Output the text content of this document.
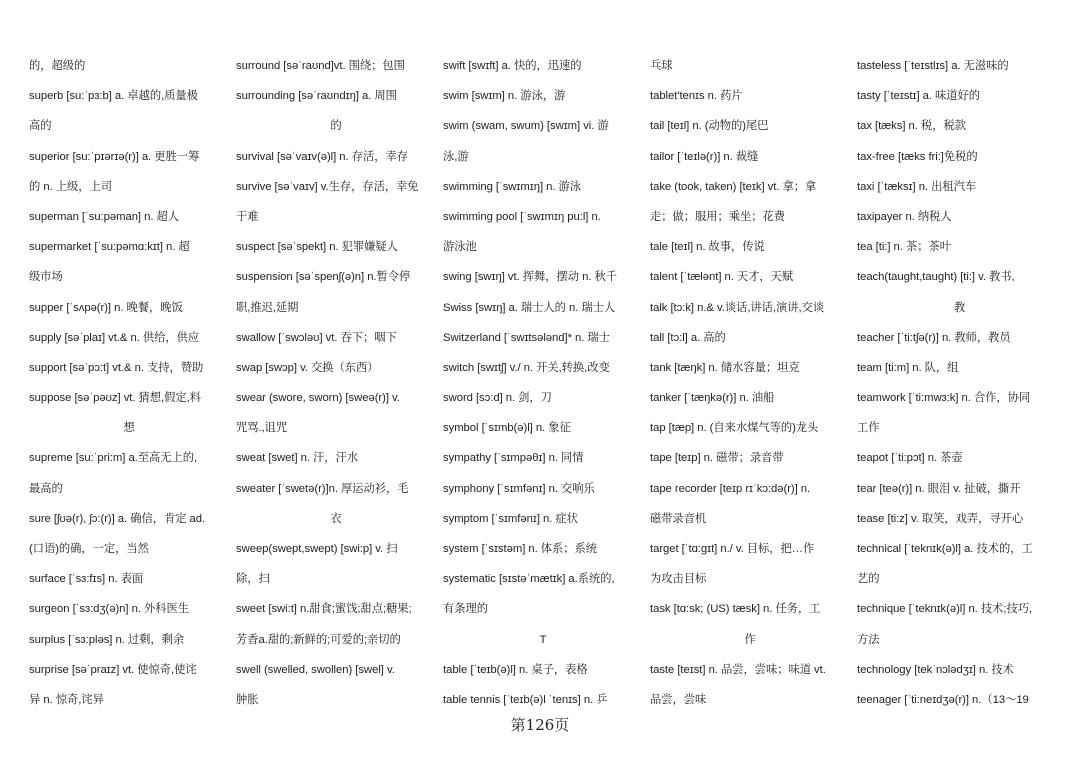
的，超级的
superb [su:ˈpɜ:b] a. 卓越的,质量极
高的
superior [su:ˈpɪərɪə(r)] a. 更胜一筹
的 n. 上级，上司
superman [ˈsu:pəman] n. 超人
supermarket [ˈsu:pəmɑ:kɪt] n. 超
级市场
supper [ˈsʌpə(r)] n. 晚餐，晚饭
supply [səˈplaɪ] vt.& n. 供给，供应
support [səˈpɔ:t] vt.& n. 支持，赞助
suppose [səˈpəʊz] vt. 猜想,假定,料
想
supreme [su:ˈpri:m] a.至高无上的,
最高的
sure [ʃʊə(r), ʃɔ:(r)] a. 确信，肯定 ad.
(口语)的确，一定，当然
surface [ˈsɜ:fɪs] n. 表面
surgeon [ˈsɜ:dʒ(ə)n] n. 外科医生
surplus [ˈsɜ:pləs] n. 过剩，剩余
surprise [səˈpraɪz] vt. 使惊奇,使诧
异 n. 惊奇,诧异
surround [səˈraʊnd]vt. 围绕；包围
surrounding [səˈraʊndɪŋ] a. 周围
的
survival [səˈvaɪv(ə)l] n. 存活，幸存
survive [səˈvaɪv] v.生存，存活，幸免
于难
suspect [səˈspekt] n. 犯罪嫌疑人
suspension [səˈspenʃ(ə)n] n.暂令停
职,推迟,延期
swallow [ˈswɔləʊ] vt. 吞下；咽下
swap [swɔp] v. 交换（东西）
swear (swore, sworn) [sweə(r)] v.
咒骂.,诅咒
sweat [swet] n. 汗，汗水
sweater [ˈswetə(r)]n. 厚运动衫，毛
衣
sweep(swept,swept) [swi:p] v. 扫
除，扫
sweet [swi:t] n.甜食;蜜饯;甜点;糖果;
芳香a.甜的;新鲜的;可爱的;亲切的
swell (swelled, swollen) [swel] v.
肿胀
swift [swɪft] a. 快的，迅速的
swim [swɪm] n. 游泳，游
swim (swam, swum) [swɪm] vi. 游
泳,游
swimming [ˈswɪmɪŋ] n. 游泳
swimming pool [ˈswɪmɪŋ pu:l] n.
游泳池
swing [swɪŋ] vt. 挥舞，摆动 n. 秋千
Swiss [swɪŋ] a. 瑞士人的 n. 瑞士人
Switzerland [ˈswɪtsələnd]* n. 瑞士
switch [swɪtʃ] v./ n. 开关,转换,改变
sword [sɔ:d] n. 剑，刀
symbol [ˈsɪmb(ə)l] n. 象征
sympathy [ˈsɪmpəθɪ] n. 同情
symphony [ˈsɪmfənɪ] n. 交响乐
symptom [ˈsɪmfənɪ] n. 症状
system [ˈsɪstəm] n. 体系；系统
systematic [sɪstəˈmætɪk] a.系统的,
有条理的
T
table [ˈteɪb(ə)l] n. 桌子，表格
table tennis [ˈteɪb(ə)l ˈtenɪs] n. 乒
乓球
tablet'tenɪs n. 药片
tail [teɪl] n. (动物的)尾巴
tailor [ˈteɪlə(r)] n. 裁缝
take (took, taken) [teɪk] vt. 拿；拿
走；做；服用；乘坐；花费
tale [teɪl] n. 故事，传说
talent [ˈtælənt] n. 天才，天赋
talk [tɔ:k] n.& v.谈话,讲话,演讲,交谈
tall [tɔ:l] a. 高的
tank [tæŋk] n. 储水容量；坦克
tanker [ˈtæŋkə(r)] n. 油船
tap [tæp] n. (自来水煤气等的)龙头
tape [teɪp] n. 磁带；录音带
tape recorder [teɪp rɪˈkɔ:də(r)] n.
磁带录音机
target [ˈtɑ:gɪt] n./ v. 目标，把…作
为攻击目标
task [tɑ:sk; (US) tæsk] n. 任务，工
作
taste [teɪst] n. 品尝，尝味；味道 vt.
品尝，尝味
tasteless [ˈteɪstlɪs] a. 无滋味的
tasty [ˈteɪstɪ] a. 味道好的
tax [tæks] n. 税，税款
tax-free [tæks fri:]免税的
taxi [ˈtæksɪ] n. 出租汽车
taxipayer n. 纳税人
tea [ti:] n. 茶；茶叶
teach(taught,taught) [ti:] v. 教书,
教
teacher [ˈti:tʃə(r)] n. 教师，教员
team [ti:m] n. 队，组
teamwork [ˈti:mwɜ:k] n. 合作，协同
工作
teapot [ˈti:pɔt] n. 茶壶
tear [teə(r)] n. 眼泪 v. 扯破，撕开
tease [ti:z] v. 取笑，戏弄，寻开心
technical [ˈteknɪk(ə)l] a. 技术的，工
艺的
technique [ˈteknɪk(ə)l] n. 技术;技巧,
方法
technology [tekˈnɔlədʒɪ] n. 技术
teenager [ˈti:neɪdʒə(r)] n.（13～19
第126页
